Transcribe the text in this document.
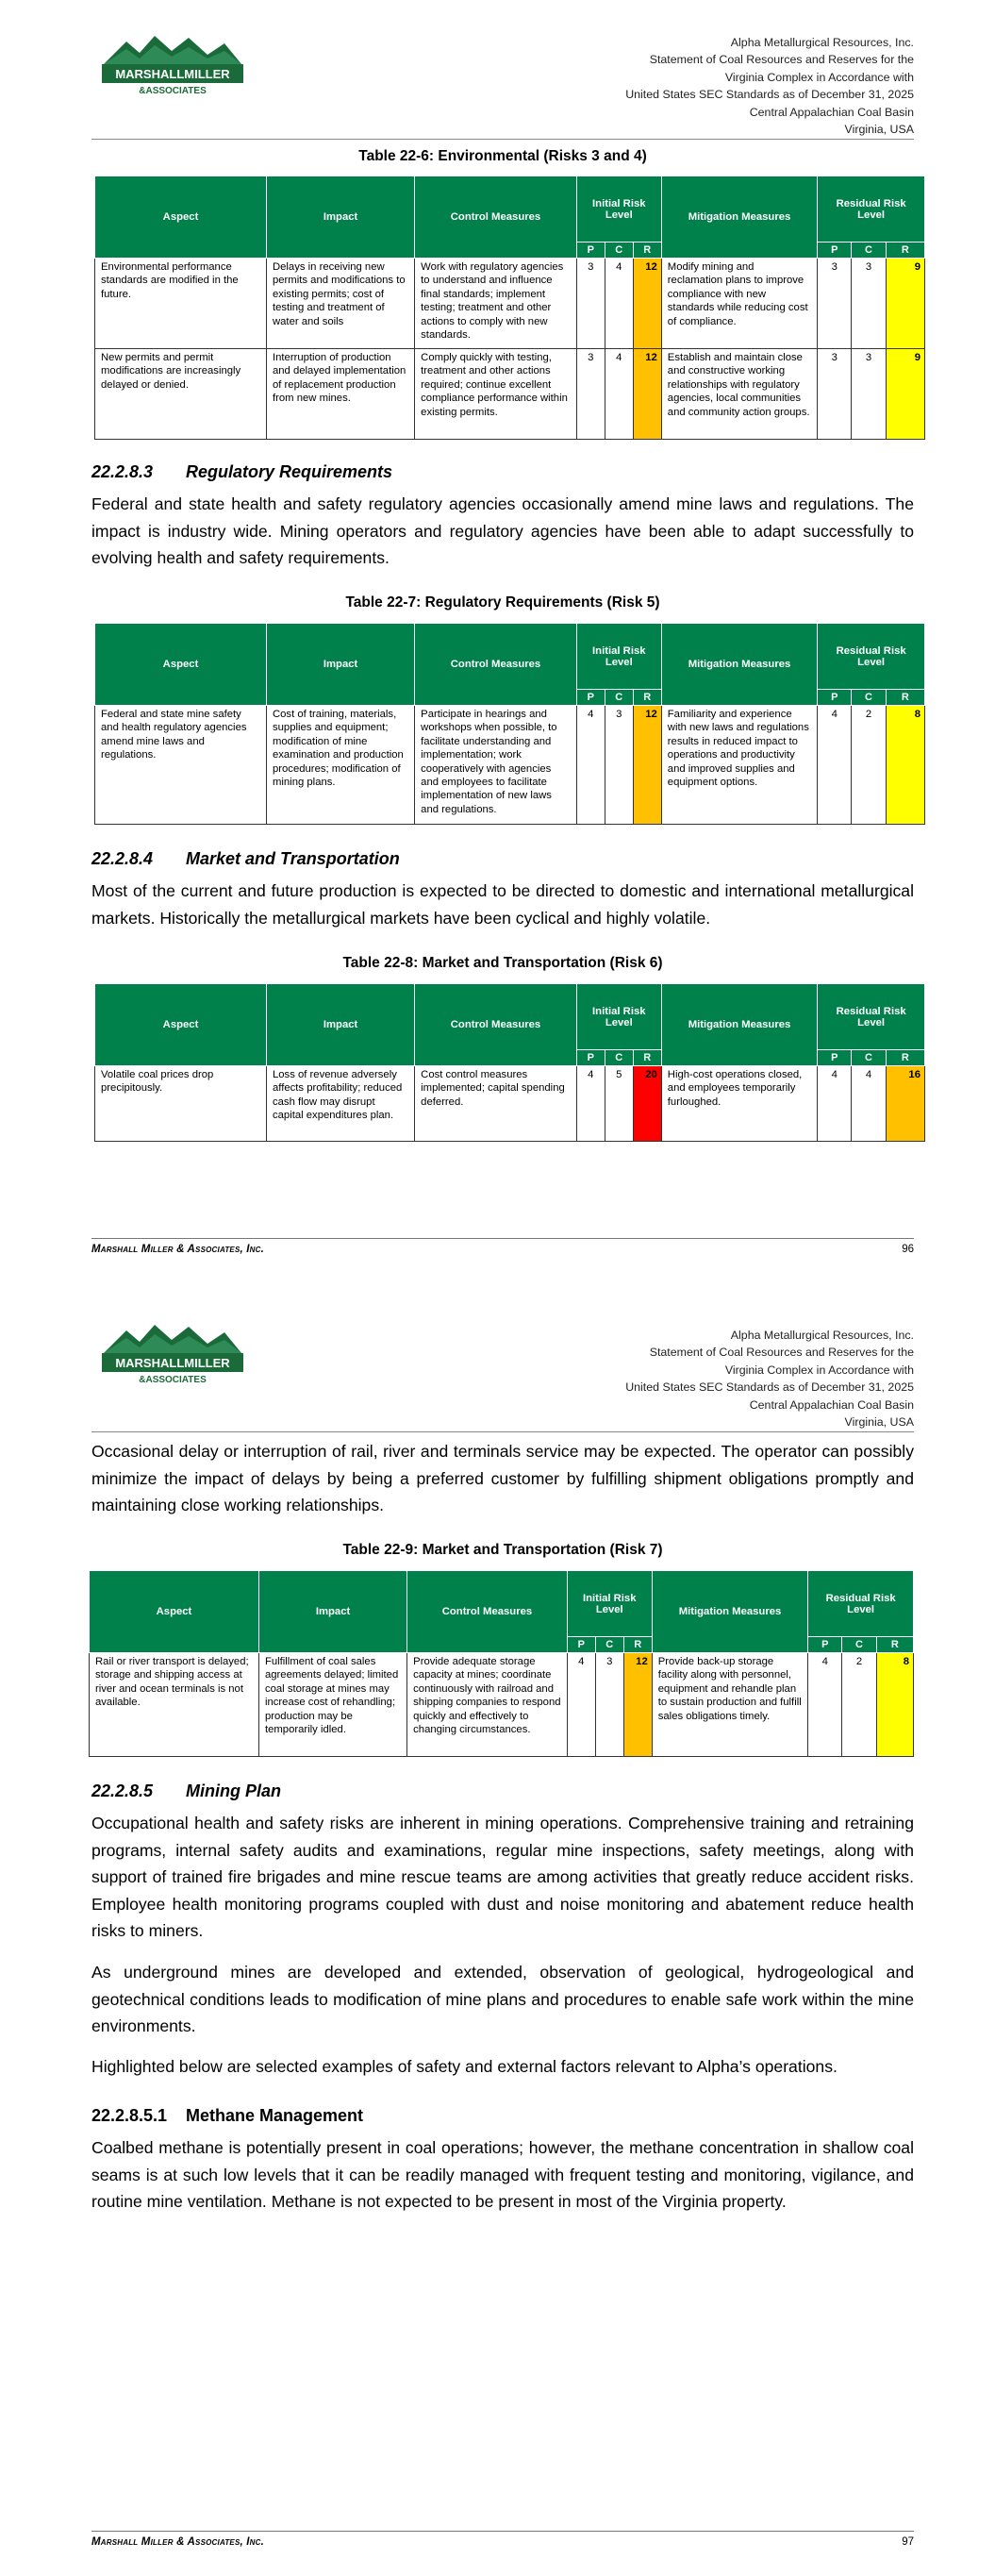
MARSHALLMILLER
&ASSOCIATES
Alpha Metallurgical Resources, Inc.
Statement of Coal Resources and Reserves for the
Virginia Complex in Accordance with
United States SEC Standards as of December 31, 2025
Central Appalachian Coal Basin
Virginia, USA
Table 22-6: Environmental (Risks 3 and 4)
Aspect	Impact	Control Measures	Initial Risk Level			Mitigation Measures	Residual Risk Level		
			P	C	R		P	C	R
Environmental performance standards are modified in the future.	Delays in receiving new permits and modifications to existing permits; cost of testing and treatment of water and soils	Work with regulatory agencies to understand and influence final standards; implement testing; treatment and other actions to comply with new standards.	3	4	12	Modify mining and reclamation plans to improve compliance with new standards while reducing cost of compliance.	3	3	9
New permits and permit modifications are increasingly delayed or denied.	Interruption of production and delayed implementation of replacement production from new mines.	Comply quickly with testing, treatment and other actions required; continue excellent compliance performance within existing permits.	3	4	12	Establish and maintain close and constructive working relationships with regulatory agencies, local communities and community action groups.	3	3	9
22.2.8.3 Regulatory Requirements
Federal and state health and safety regulatory agencies occasionally amend mine laws and regulations. The impact is industry wide. Mining operators and regulatory agencies have been able to adapt successfully to evolving health and safety requirements.
Table 22-7: Regulatory Requirements (Risk 5)
Aspect	Impact	Control Measures	Initial Risk Level			Mitigation Measures	Residual Risk Level		
			P	C	R		P	C	R
Federal and state mine safety and health regulatory agencies amend mine laws and regulations.	Cost of training, materials, supplies and equipment; modification of mine examination and production procedures; modification of mining plans.	Participate in hearings and workshops when possible, to facilitate understanding and implementation; work cooperatively with agencies and employees to facilitate implementation of new laws and regulations.	4	3	12	Familiarity and experience with new laws and regulations results in reduced impact to operations and productivity and improved supplies and equipment options.	4	2	8
22.2.8.4 Market and Transportation
Most of the current and future production is expected to be directed to domestic and international metallurgical markets. Historically the metallurgical markets have been cyclical and highly volatile.
Table 22-8: Market and Transportation (Risk 6)
Aspect	Impact	Control Measures	Initial Risk Level			Mitigation Measures	Residual Risk Level		
			P	C	R		P	C	R
Volatile coal prices drop precipitously.	Loss of revenue adversely affects profitability; reduced cash flow may disrupt capital expenditures plan.	Cost control measures implemented; capital spending deferred.	4	5	20	High-cost operations closed, and employees temporarily furloughed.	4	4	16
Marshall Miller & Associates, Inc.	96
MARSHALLMILLER
&ASSOCIATES
Alpha Metallurgical Resources, Inc.
Statement of Coal Resources and Reserves for the
Virginia Complex in Accordance with
United States SEC Standards as of December 31, 2025
Central Appalachian Coal Basin
Virginia, USA
Occasional delay or interruption of rail, river and terminals service may be expected. The operator can possibly minimize the impact of delays by being a preferred customer by fulfilling shipment obligations promptly and maintaining close working relationships.
Table 22-9: Market and Transportation (Risk 7)
Aspect	Impact	Control Measures	Initial Risk Level			Mitigation Measures	Residual Risk Level		
			P	C	R		P	C	R
Rail or river transport is delayed; storage and shipping access at river and ocean terminals is not available.	Fulfillment of coal sales agreements delayed; limited coal storage at mines may increase cost of rehandling; production may be temporarily idled.	Provide adequate storage capacity at mines; coordinate continuously with railroad and shipping companies to respond quickly and effectively to changing circumstances.	4	3	12	Provide back-up storage facility along with personnel, equipment and rehandle plan to sustain production and fulfill sales obligations timely.	4	2	8
22.2.8.5 Mining Plan
Occupational health and safety risks are inherent in mining operations. Comprehensive training and retraining programs, internal safety audits and examinations, regular mine inspections, safety meetings, along with support of trained fire brigades and mine rescue teams are among activities that greatly reduce accident risks. Employee health monitoring programs coupled with dust and noise monitoring and abatement reduce health risks to miners.
As underground mines are developed and extended, observation of geological, hydrogeological and geotechnical conditions leads to modification of mine plans and procedures to enable safe work within the mine environments.
Highlighted below are selected examples of safety and external factors relevant to Alpha’s operations.
22.2.8.5.1 Methane Management
Coalbed methane is potentially present in coal operations; however, the methane concentration in shallow coal seams is at such low levels that it can be readily managed with frequent testing and monitoring, vigilance, and routine mine ventilation. Methane is not expected to be present in most of the Virginia property.
Marshall Miller & Associates, Inc.	97
